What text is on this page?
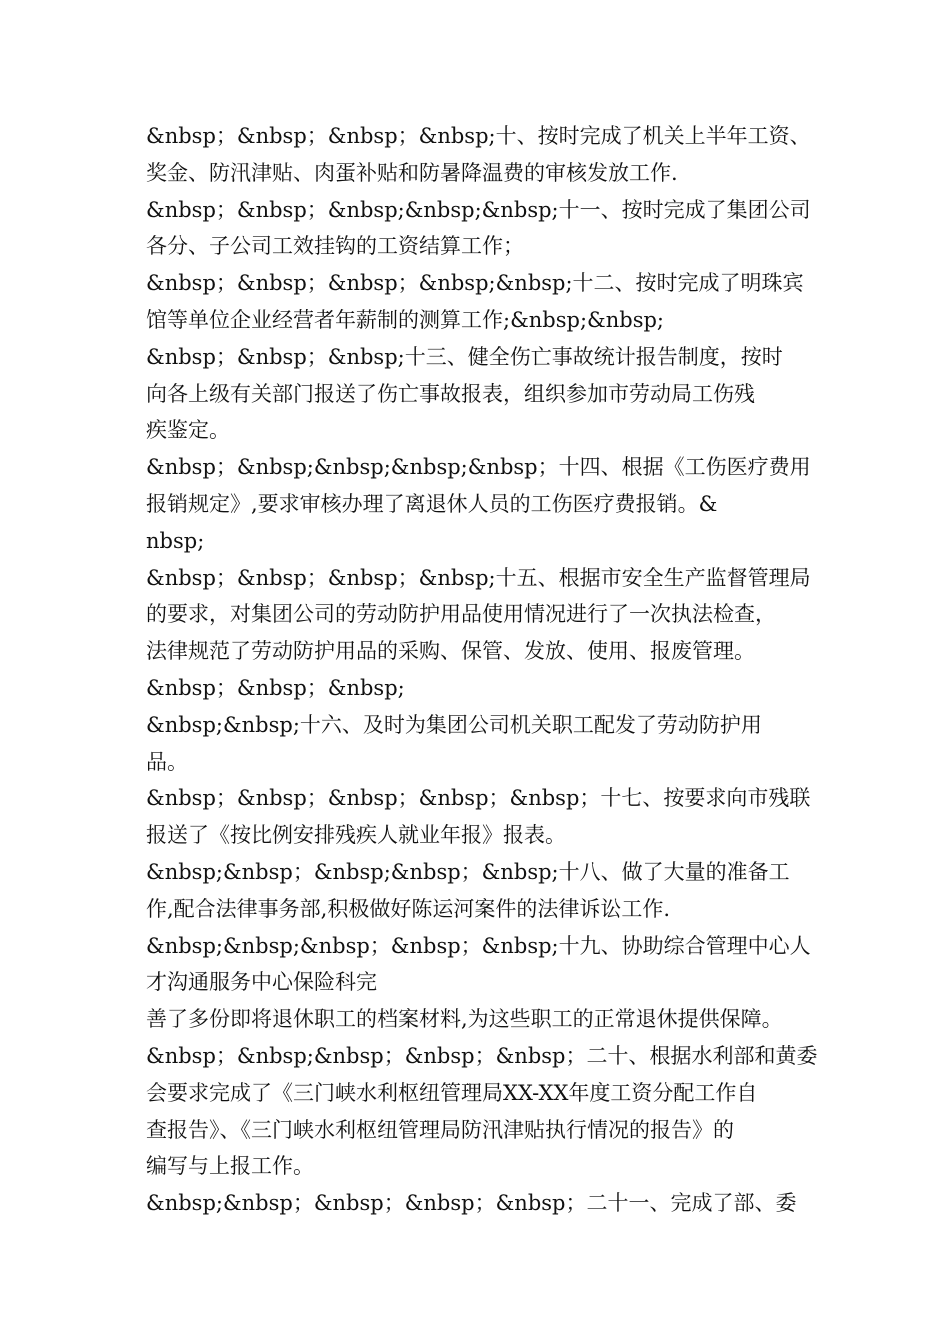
&nbsp；&nbsp；&nbsp；&nbsp;十、按时完成了机关上半年工资、
奖金、防汛津贴、肉蛋补贴和防暑降温费的审核发放工作.
&nbsp；&nbsp；&nbsp;&nbsp;&nbsp;十一、按时完成了集团公司
各分、子公司工效挂钩的工资结算工作；
&nbsp；&nbsp；&nbsp；&nbsp;&nbsp;十二、按时完成了明珠宾
馆等单位企业经营者年薪制的测算工作;&nbsp;&nbsp;
&nbsp；&nbsp；&nbsp;十三、健全伤亡事故统计报告制度，按时
向各上级有关部门报送了伤亡事故报表，组织参加市劳动局工伤残
疾鉴定。
&nbsp；&nbsp;&nbsp;&nbsp;&nbsp；十四、根据《工伤医疗费用
报销规定》,要求审核办理了离退休人员的工伤医疗费报销。&
nbsp;
&nbsp；&nbsp；&nbsp；&nbsp;十五、根据市安全生产监督管理局
的要求，对集团公司的劳动防护用品使用情况进行了一次执法检查，
法律规范了劳动防护用品的采购、保管、发放、使用、报废管理。
&nbsp；&nbsp；&nbsp;
&nbsp;&nbsp;十六、及时为集团公司机关职工配发了劳动防护用
品。
&nbsp；&nbsp；&nbsp；&nbsp；&nbsp；十七、按要求向市残联
报送了《按比例安排残疾人就业年报》报表。
&nbsp;&nbsp；&nbsp;&nbsp；&nbsp;十八、做了大量的准备工
作,配合法律事务部,积极做好陈运河案件的法律诉讼工作.
&nbsp;&nbsp;&nbsp；&nbsp；&nbsp;十九、协助综合管理中心人
才沟通服务中心保险科完
善了多份即将退休职工的档案材料,为这些职工的正常退休提供保障。
&nbsp；&nbsp;&nbsp；&nbsp；&nbsp；二十、根据水利部和黄委
会要求完成了《三门峡水利枢纽管理局XX-XX年度工资分配工作自
查报告》、《三门峡水利枢纽管理局防汛津贴执行情况的报告》的
编写与上报工作。
&nbsp;&nbsp；&nbsp；&nbsp；&nbsp；二十一、完成了部、委
